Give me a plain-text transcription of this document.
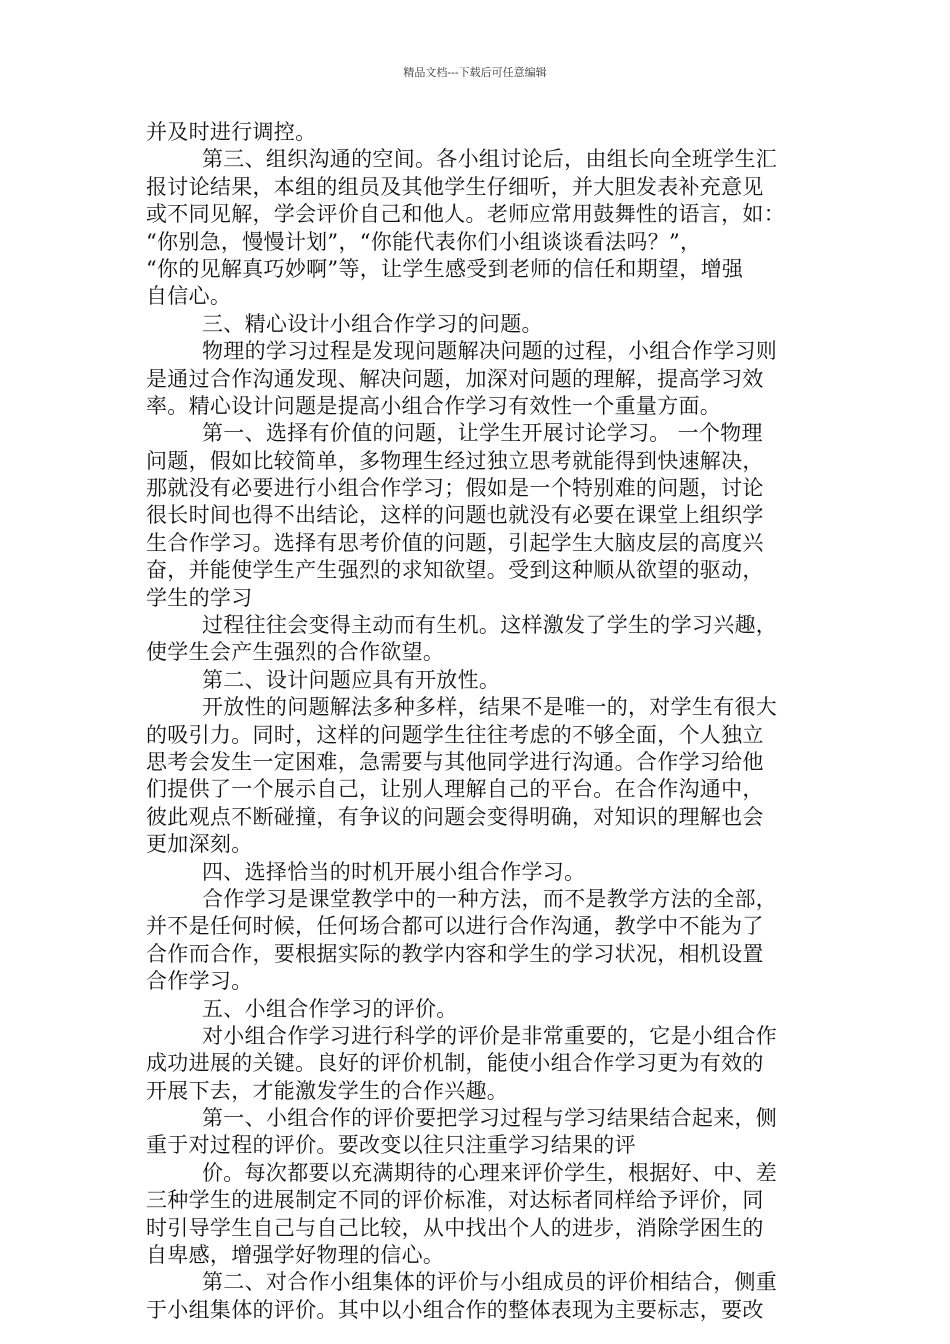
精品文档---下载后可任意编辑
并及时进行调控。
第三、组织沟通的空间。各小组讨论后，由组长向全班学生汇
报讨论结果，本组的组员及其他学生仔细听，并大胆发表补充意见
或不同见解，学会评价自己和他人。老师应常用鼓舞性的语言，如：
“你别急，慢慢计划”，“你能代表你们小组谈谈看法吗？”，
“你的见解真巧妙啊”等，让学生感受到老师的信任和期望，增强
自信心。
三、精心设计小组合作学习的问题。
物理的学习过程是发现问题解决问题的过程，小组合作学习则
是通过合作沟通发现、解决问题，加深对问题的理解，提高学习效
率。精心设计问题是提高小组合作学习有效性一个重量方面。
第一、选择有价值的问题，让学生开展讨论学习。 一个物理
问题，假如比较简单，多物理生经过独立思考就能得到快速解决，
那就没有必要进行小组合作学习；假如是一个特别难的问题，讨论
很长时间也得不出结论，这样的问题也就没有必要在课堂上组织学
生合作学习。选择有思考价值的问题，引起学生大脑皮层的高度兴
奋，并能使学生产生强烈的求知欲望。受到这种顺从欲望的驱动，
学生的学习
过程往往会变得主动而有生机。这样激发了学生的学习兴趣，
使学生会产生强烈的合作欲望。
第二、设计问题应具有开放性。
开放性的问题解法多种多样，结果不是唯一的，对学生有很大
的吸引力。同时，这样的问题学生往往考虑的不够全面，个人独立
思考会发生一定困难，急需要与其他同学进行沟通。合作学习给他
们提供了一个展示自己，让别人理解自己的平台。在合作沟通中，
彼此观点不断碰撞，有争议的问题会变得明确，对知识的理解也会
更加深刻。
四、选择恰当的时机开展小组合作学习。
合作学习是课堂教学中的一种方法，而不是教学方法的全部，
并不是任何时候，任何场合都可以进行合作沟通，教学中不能为了
合作而合作，要根据实际的教学内容和学生的学习状况，相机设置
合作学习。
五、小组合作学习的评价。
对小组合作学习进行科学的评价是非常重要的，它是小组合作
成功进展的关键。良好的评价机制，能使小组合作学习更为有效的
开展下去，才能激发学生的合作兴趣。
第一、小组合作的评价要把学习过程与学习结果结合起来，侧
重于对过程的评价。要改变以往只注重学习结果的评
价。每次都要以充满期待的心理来评价学生，根据好、中、差
三种学生的进展制定不同的评价标准，对达标者同样给予评价，同
时引导学生自己与自己比较，从中找出个人的进步，消除学困生的
自卑感，增强学好物理的信心。
第二、对合作小组集体的评价与小组成员的评价相结合，侧重
于小组集体的评价。其中以小组合作的整体表现为主要标志，要改
